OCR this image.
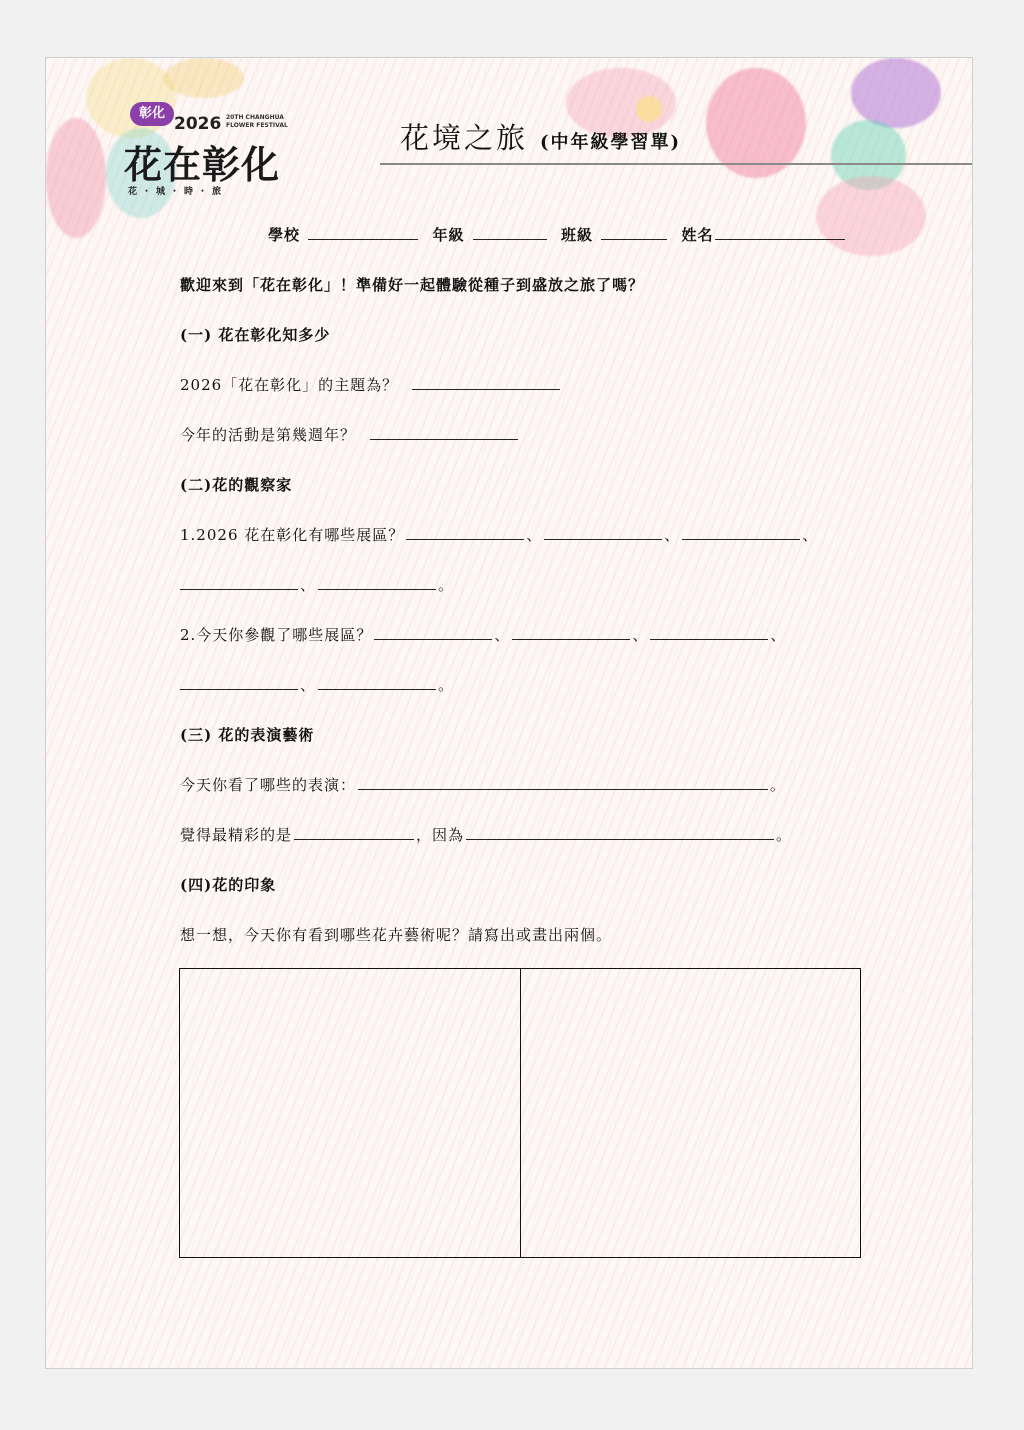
彰化
2026 20TH CHANGHUA FLOWER FESTIVAL
花在彰化
花・城・時・旅
花境之旅 (中年級學習單)
學校	年級	班級	姓名
歡迎來到「花在彰化」！準備好一起體驗從種子到盛放之旅了嗎？
(一) 花在彰化知多少
2026「花在彰化」的主題為？
今年的活動是第幾週年？
(二)花的觀察家
1.2026 花在彰化有哪些展區？	、	、	、
、	。
2.今天你參觀了哪些展區？	、	、	、
、	。
(三) 花的表演藝術
今天你看了哪些的表演：	。
覺得最精彩的是	，因為	。
(四)花的印象
想一想，今天你有看到哪些花卉藝術呢？請寫出或畫出兩個。
